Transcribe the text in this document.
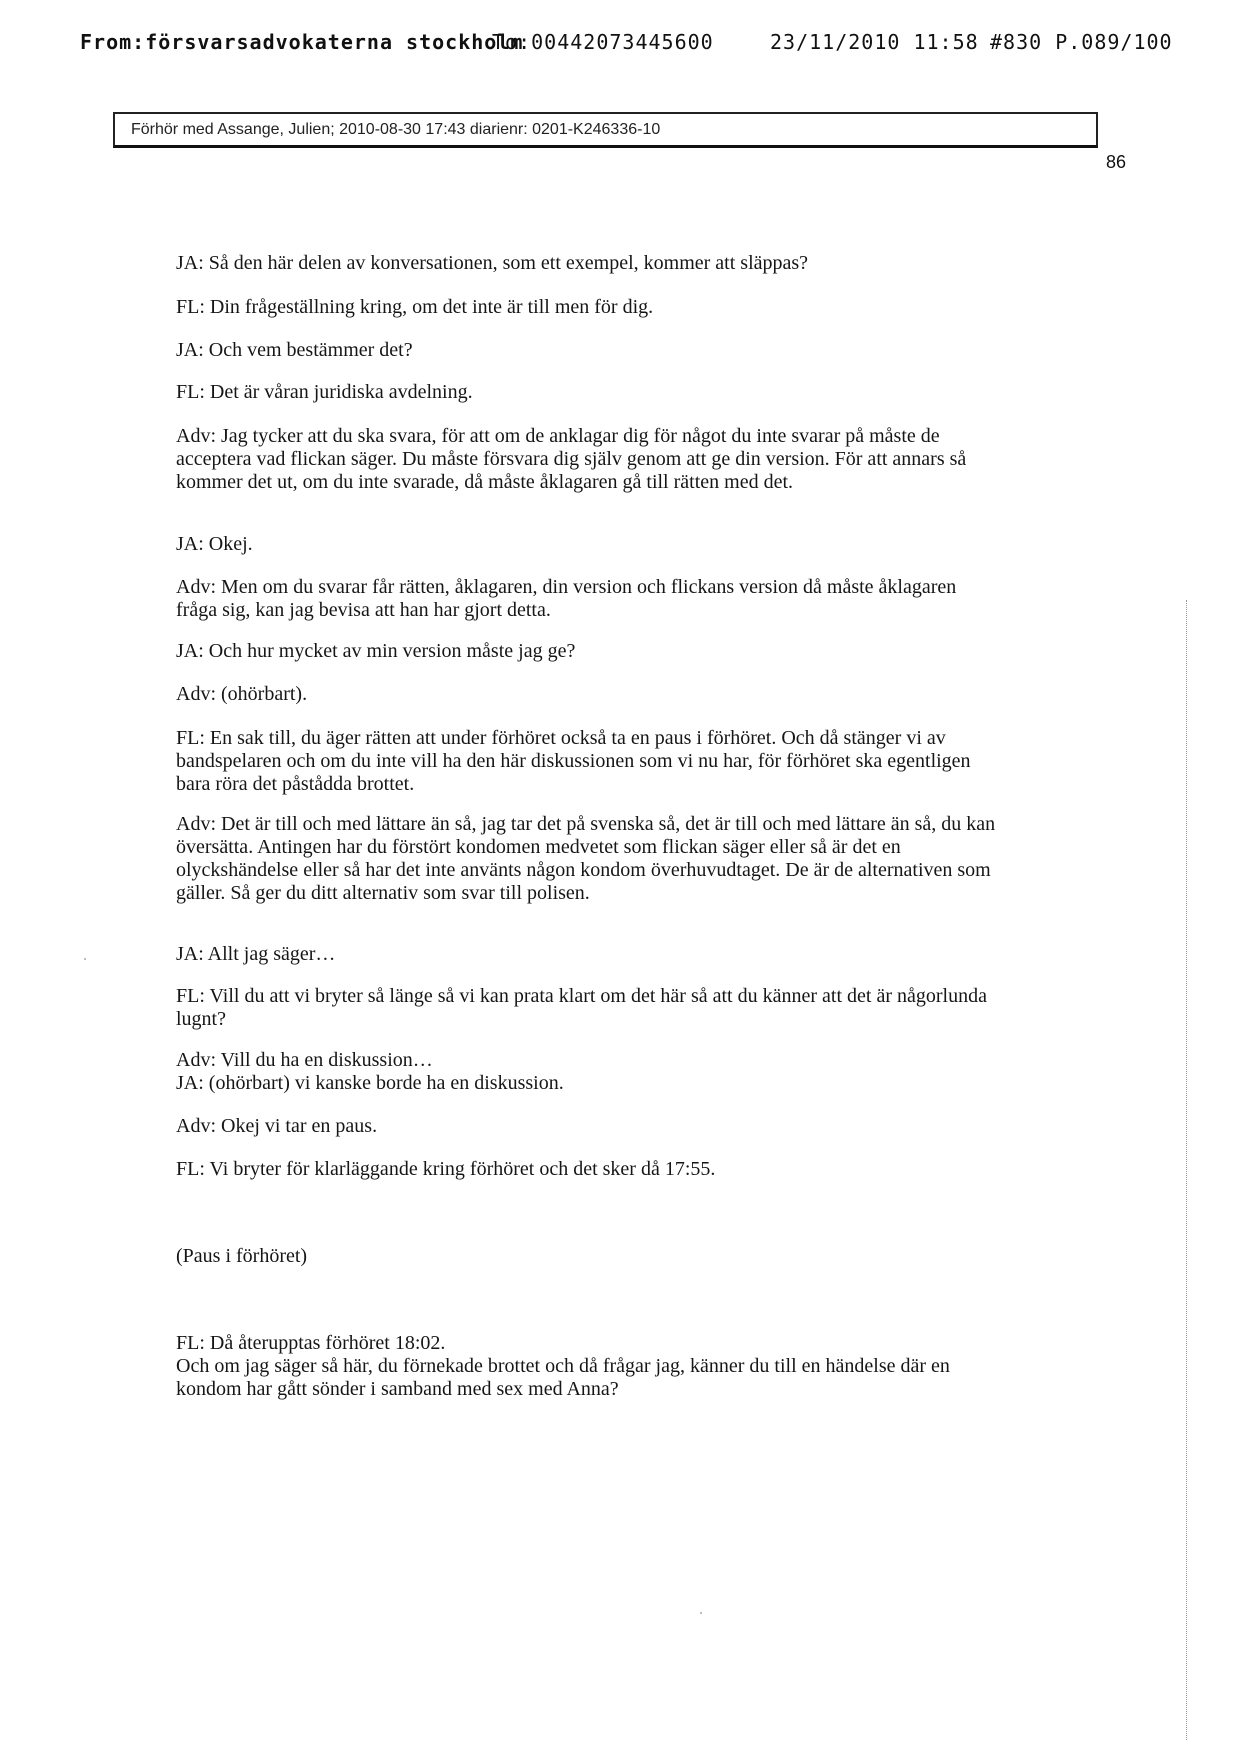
From:försvarsadvokaterna stockholm
To:00442073445600	23/11/2010 11:58 #830 P.089/100
Förhör med Assange, Julien; 2010-08-30 17:43 diarienr: 0201-K246336-10
86
JA: Så den här delen av konversationen, som ett exempel, kommer att släppas?
FL: Din frågeställning kring, om det inte är till men för dig.
JA: Och vem bestämmer det?
FL: Det är våran juridiska avdelning.
Adv: Jag tycker att du ska svara, för att om de anklagar dig för något du inte svarar på måste de acceptera vad flickan säger. Du måste försvara dig själv genom att ge din version. För att annars så kommer det ut, om du inte svarade, då måste åklagaren gå till rätten med det.
JA: Okej.
Adv: Men om du svarar får rätten, åklagaren, din version och flickans version då måste åklagaren fråga sig, kan jag bevisa att han har gjort detta.
JA: Och hur mycket av min version måste jag ge?
Adv: (ohörbart).
FL: En sak till, du äger rätten att under förhöret också ta en paus i förhöret. Och då stänger vi av bandspelaren och om du inte vill ha den här diskussionen som vi nu har, för förhöret ska egentligen bara röra det påstådda brottet.
Adv: Det är till och med lättare än så, jag tar det på svenska så, det är till och med lättare än så, du kan översätta. Antingen har du förstört kondomen medvetet som flickan säger eller så är det en olyckshändelse eller så har det inte använts någon kondom överhuvudtaget. De är de alternativen som gäller. Så ger du ditt alternativ som svar till polisen.
JA: Allt jag säger…
FL: Vill du att vi bryter så länge så vi kan prata klart om det här så att du känner att det är någorlunda lugnt?
Adv: Vill du ha en diskussion…
JA: (ohörbart) vi kanske borde ha en diskussion.
Adv: Okej vi tar en paus.
FL: Vi bryter för klarläggande kring förhöret och det sker då 17:55.
(Paus i förhöret)
FL: Då återupptas förhöret 18:02.
Och om jag säger så här, du förnekade brottet och då frågar jag, känner du till en händelse där en kondom har gått sönder i samband med sex med Anna?
